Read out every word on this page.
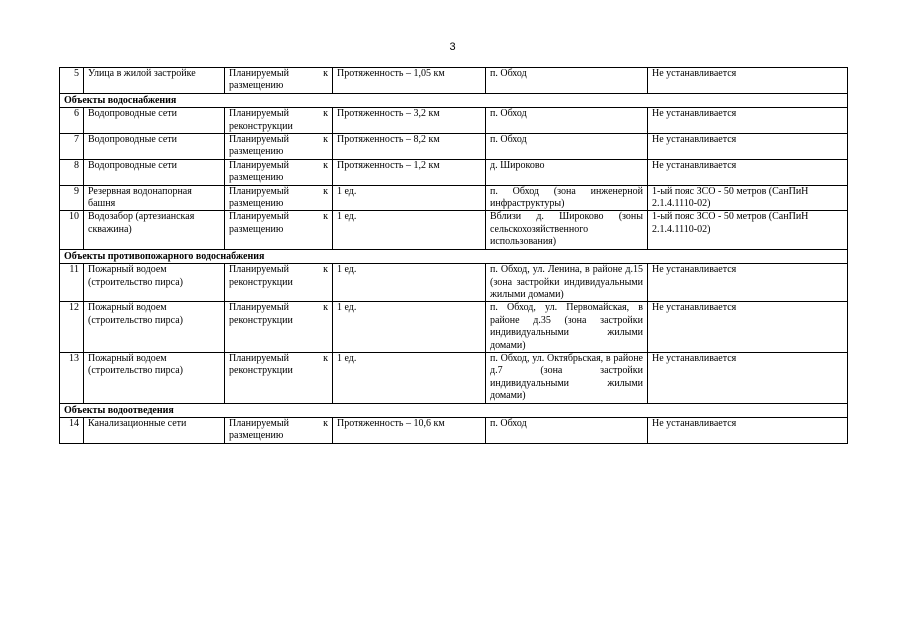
3
5	Улица в жилой застройке	Планируемый к размещению	Протяженность – 1,05 км	п. Обход	Не устанавливается
Объекты водоснабжения					
6	Водопроводные сети	Планируемый к реконструкции	Протяженность – 3,2 км	п. Обход	Не устанавливается
7	Водопроводные сети	Планируемый к размещению	Протяженность – 8,2 км	п. Обход	Не устанавливается
8	Водопроводные сети	Планируемый к размещению	Протяженность – 1,2 км	д. Широково	Не устанавливается
9	Резервная водонапорная башня	Планируемый к размещению	1 ед.	п. Обход (зона инженерной инфраструктуры)	1-ый пояс ЗСО - 50 метров (СанПиН 2.1.4.1110-02)
10	Водозабор (артезианская скважина)	Планируемый к размещению	1 ед.	Вблизи д. Широково (зоны сельскохозяйственного использования)	1-ый пояс ЗСО - 50 метров (СанПиН 2.1.4.1110-02)
Объекты противопожарного водоснабжения					
11	Пожарный водоем (строительство пирса)	Планируемый к реконструкции	1 ед.	п. Обход, ул. Ленина, в районе д.15 (зона застройки индивидуальными жилыми домами)	Не устанавливается
12	Пожарный водоем (строительство пирса)	Планируемый к реконструкции	1 ед.	п. Обход, ул. Первомайская, в районе д.35 (зона застройки индивидуальными жилыми домами)	Не устанавливается
13	Пожарный водоем (строительство пирса)	Планируемый к реконструкции	1 ед.	п. Обход, ул. Октябрьская, в районе д.7 (зона застройки индивидуальными жилыми домами)	Не устанавливается
Объекты водоотведения					
14	Канализационные сети	Планируемый к размещению	Протяженность – 10,6 км	п. Обход	Не устанавливается
